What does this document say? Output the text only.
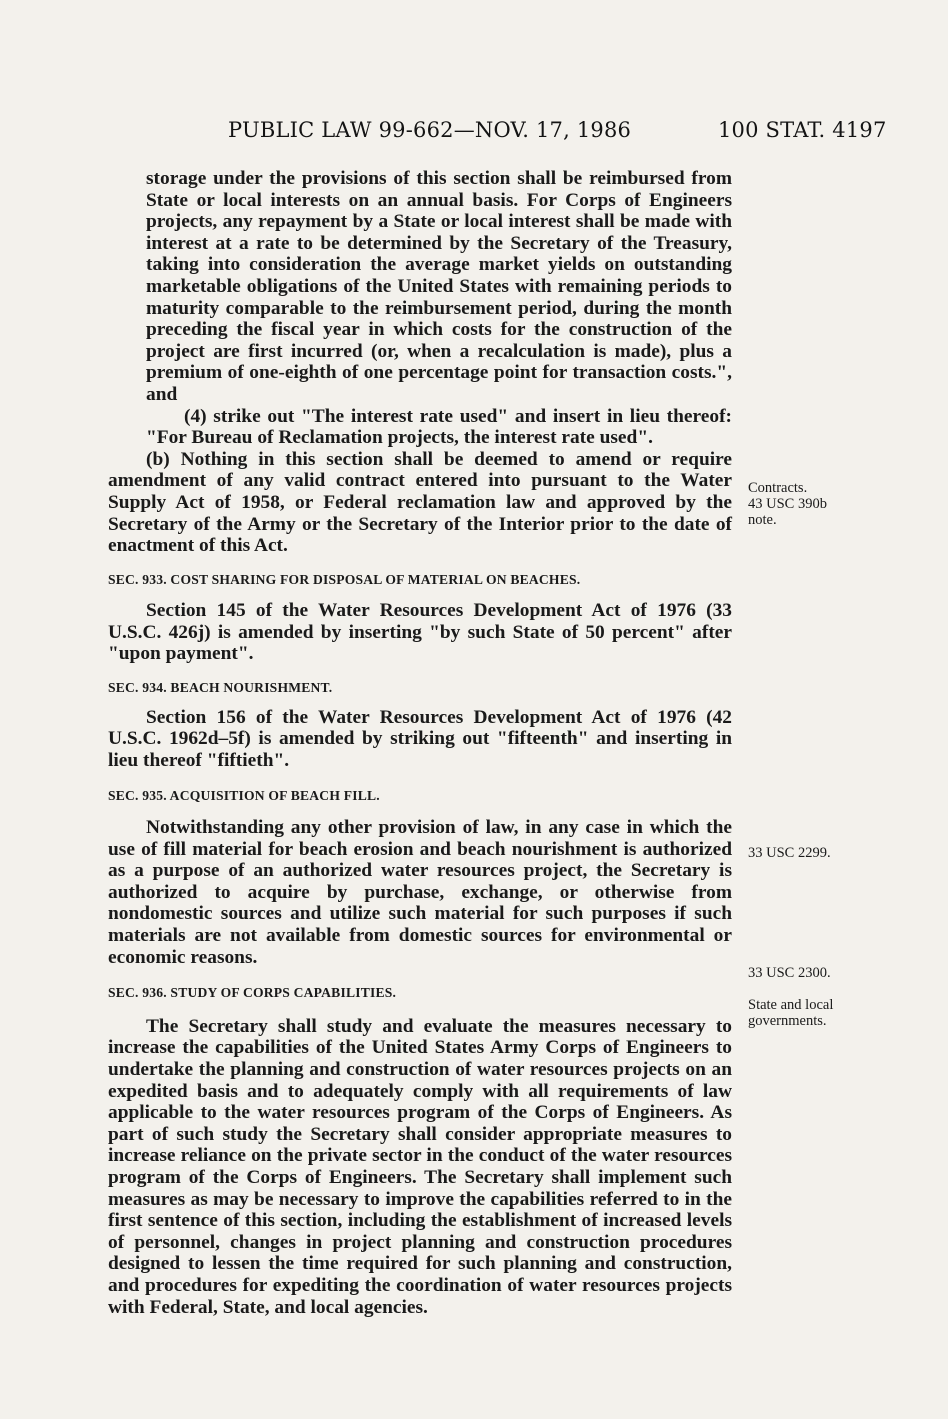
PUBLIC LAW 99-662—NOV. 17, 1986	100 STAT. 4197

storage under the provisions of this section shall be reimbursed from State or local interests on an annual basis. For Corps of Engineers projects, any repayment by a State or local interest shall be made with interest at a rate to be determined by the Secretary of the Treasury, taking into consideration the average market yields on outstanding marketable obligations of the United States with remaining periods to maturity comparable to the reimbursement period, during the month preceding the fiscal year in which costs for the construction of the project are first incurred (or, when a recalculation is made), plus a premium of one-eighth of one percentage point for transaction costs.", and

(4) strike out "The interest rate used" and insert in lieu thereof: "For Bureau of Reclamation projects, the interest rate used".

(b) Nothing in this section shall be deemed to amend or require amendment of any valid contract entered into pursuant to the Water Supply Act of 1958, or Federal reclamation law and approved by the Secretary of the Army or the Secretary of the Interior prior to the date of enactment of this Act.

SEC. 933. COST SHARING FOR DISPOSAL OF MATERIAL ON BEACHES.

Section 145 of the Water Resources Development Act of 1976 (33 U.S.C. 426j) is amended by inserting "by such State of 50 percent" after "upon payment".

SEC. 934. BEACH NOURISHMENT.

Section 156 of the Water Resources Development Act of 1976 (42 U.S.C. 1962d–5f) is amended by striking out "fifteenth" and inserting in lieu thereof "fiftieth".

SEC. 935. ACQUISITION OF BEACH FILL.

Notwithstanding any other provision of law, in any case in which the use of fill material for beach erosion and beach nourishment is authorized as a purpose of an authorized water resources project, the Secretary is authorized to acquire by purchase, exchange, or otherwise from nondomestic sources and utilize such material for such purposes if such materials are not available from domestic sources for environmental or economic reasons.

SEC. 936. STUDY OF CORPS CAPABILITIES.

The Secretary shall study and evaluate the measures necessary to increase the capabilities of the United States Army Corps of Engineers to undertake the planning and construction of water resources projects on an expedited basis and to adequately comply with all requirements of law applicable to the water resources program of the Corps of Engineers. As part of such study the Secretary shall consider appropriate measures to increase reliance on the private sector in the conduct of the water resources program of the Corps of Engineers. The Secretary shall implement such measures as may be necessary to improve the capabilities referred to in the first sentence of this section, including the establishment of increased levels of personnel, changes in project planning and construction procedures designed to lessen the time required for such planning and construction, and procedures for expediting the coordination of water resources projects with Federal, State, and local agencies.

Contracts.
43 USC 390b note.
33 USC 2299.
33 USC 2300.
State and local governments.
